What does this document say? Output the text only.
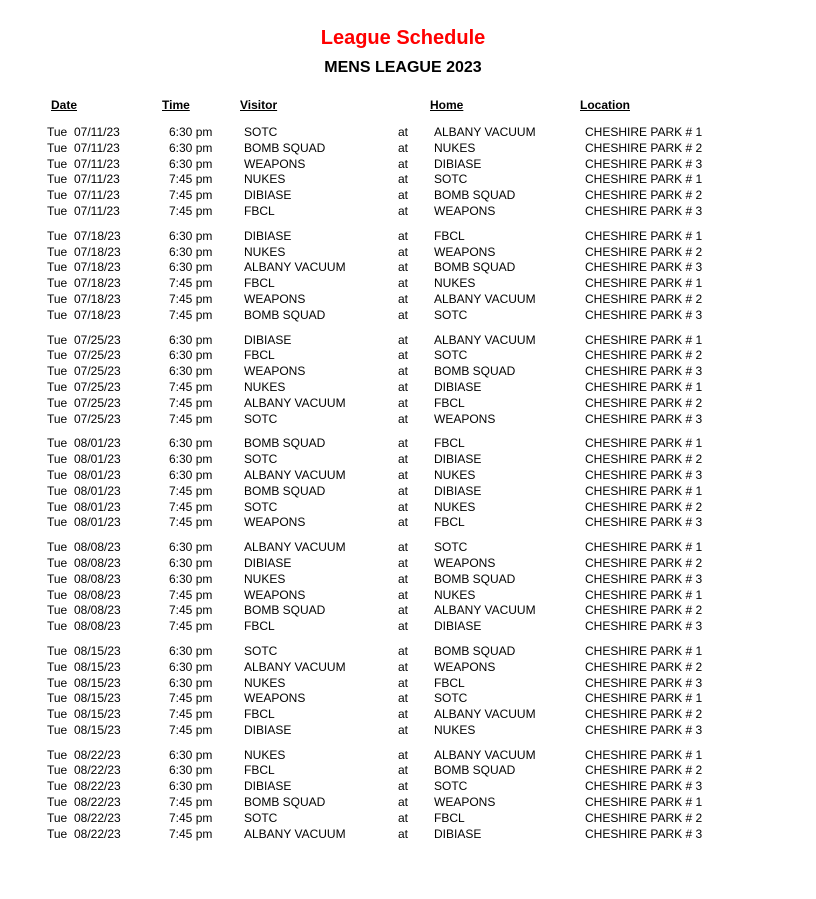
League Schedule
MENS LEAGUE 2023
Date	Time	Visitor	Home	Location
Tue 07/11/23	6:30 pm	SOTC	at ALBANY VACUUM	CHESHIRE PARK # 1
Tue 07/11/23	6:30 pm	BOMB SQUAD	at NUKES	CHESHIRE PARK # 2
Tue 07/11/23	6:30 pm	WEAPONS	at DIBIASE	CHESHIRE PARK # 3
Tue 07/11/23	7:45 pm	NUKES	at SOTC	CHESHIRE PARK # 1
Tue 07/11/23	7:45 pm	DIBIASE	at BOMB SQUAD	CHESHIRE PARK # 2
Tue 07/11/23	7:45 pm	FBCL	at WEAPONS	CHESHIRE PARK # 3
Tue 07/18/23	6:30 pm	DIBIASE	at FBCL	CHESHIRE PARK # 1
Tue 07/18/23	6:30 pm	NUKES	at WEAPONS	CHESHIRE PARK # 2
Tue 07/18/23	6:30 pm	ALBANY VACUUM	at BOMB SQUAD	CHESHIRE PARK # 3
Tue 07/18/23	7:45 pm	FBCL	at NUKES	CHESHIRE PARK # 1
Tue 07/18/23	7:45 pm	WEAPONS	at ALBANY VACUUM	CHESHIRE PARK # 2
Tue 07/18/23	7:45 pm	BOMB SQUAD	at SOTC	CHESHIRE PARK # 3
Tue 07/25/23	6:30 pm	DIBIASE	at ALBANY VACUUM	CHESHIRE PARK # 1
Tue 07/25/23	6:30 pm	FBCL	at SOTC	CHESHIRE PARK # 2
Tue 07/25/23	6:30 pm	WEAPONS	at BOMB SQUAD	CHESHIRE PARK # 3
Tue 07/25/23	7:45 pm	NUKES	at DIBIASE	CHESHIRE PARK # 1
Tue 07/25/23	7:45 pm	ALBANY VACUUM	at FBCL	CHESHIRE PARK # 2
Tue 07/25/23	7:45 pm	SOTC	at WEAPONS	CHESHIRE PARK # 3
Tue 08/01/23	6:30 pm	BOMB SQUAD	at FBCL	CHESHIRE PARK # 1
Tue 08/01/23	6:30 pm	SOTC	at DIBIASE	CHESHIRE PARK # 2
Tue 08/01/23	6:30 pm	ALBANY VACUUM	at NUKES	CHESHIRE PARK # 3
Tue 08/01/23	7:45 pm	BOMB SQUAD	at DIBIASE	CHESHIRE PARK # 1
Tue 08/01/23	7:45 pm	SOTC	at NUKES	CHESHIRE PARK # 2
Tue 08/01/23	7:45 pm	WEAPONS	at FBCL	CHESHIRE PARK # 3
Tue 08/08/23	6:30 pm	ALBANY VACUUM	at SOTC	CHESHIRE PARK # 1
Tue 08/08/23	6:30 pm	DIBIASE	at WEAPONS	CHESHIRE PARK # 2
Tue 08/08/23	6:30 pm	NUKES	at BOMB SQUAD	CHESHIRE PARK # 3
Tue 08/08/23	7:45 pm	WEAPONS	at NUKES	CHESHIRE PARK # 1
Tue 08/08/23	7:45 pm	BOMB SQUAD	at ALBANY VACUUM	CHESHIRE PARK # 2
Tue 08/08/23	7:45 pm	FBCL	at DIBIASE	CHESHIRE PARK # 3
Tue 08/15/23	6:30 pm	SOTC	at BOMB SQUAD	CHESHIRE PARK # 1
Tue 08/15/23	6:30 pm	ALBANY VACUUM	at WEAPONS	CHESHIRE PARK # 2
Tue 08/15/23	6:30 pm	NUKES	at FBCL	CHESHIRE PARK # 3
Tue 08/15/23	7:45 pm	WEAPONS	at SOTC	CHESHIRE PARK # 1
Tue 08/15/23	7:45 pm	FBCL	at ALBANY VACUUM	CHESHIRE PARK # 2
Tue 08/15/23	7:45 pm	DIBIASE	at NUKES	CHESHIRE PARK # 3
Tue 08/22/23	6:30 pm	NUKES	at ALBANY VACUUM	CHESHIRE PARK # 1
Tue 08/22/23	6:30 pm	FBCL	at BOMB SQUAD	CHESHIRE PARK # 2
Tue 08/22/23	6:30 pm	DIBIASE	at SOTC	CHESHIRE PARK # 3
Tue 08/22/23	7:45 pm	BOMB SQUAD	at WEAPONS	CHESHIRE PARK # 1
Tue 08/22/23	7:45 pm	SOTC	at FBCL	CHESHIRE PARK # 2
Tue 08/22/23	7:45 pm	ALBANY VACUUM	at DIBIASE	CHESHIRE PARK # 3
